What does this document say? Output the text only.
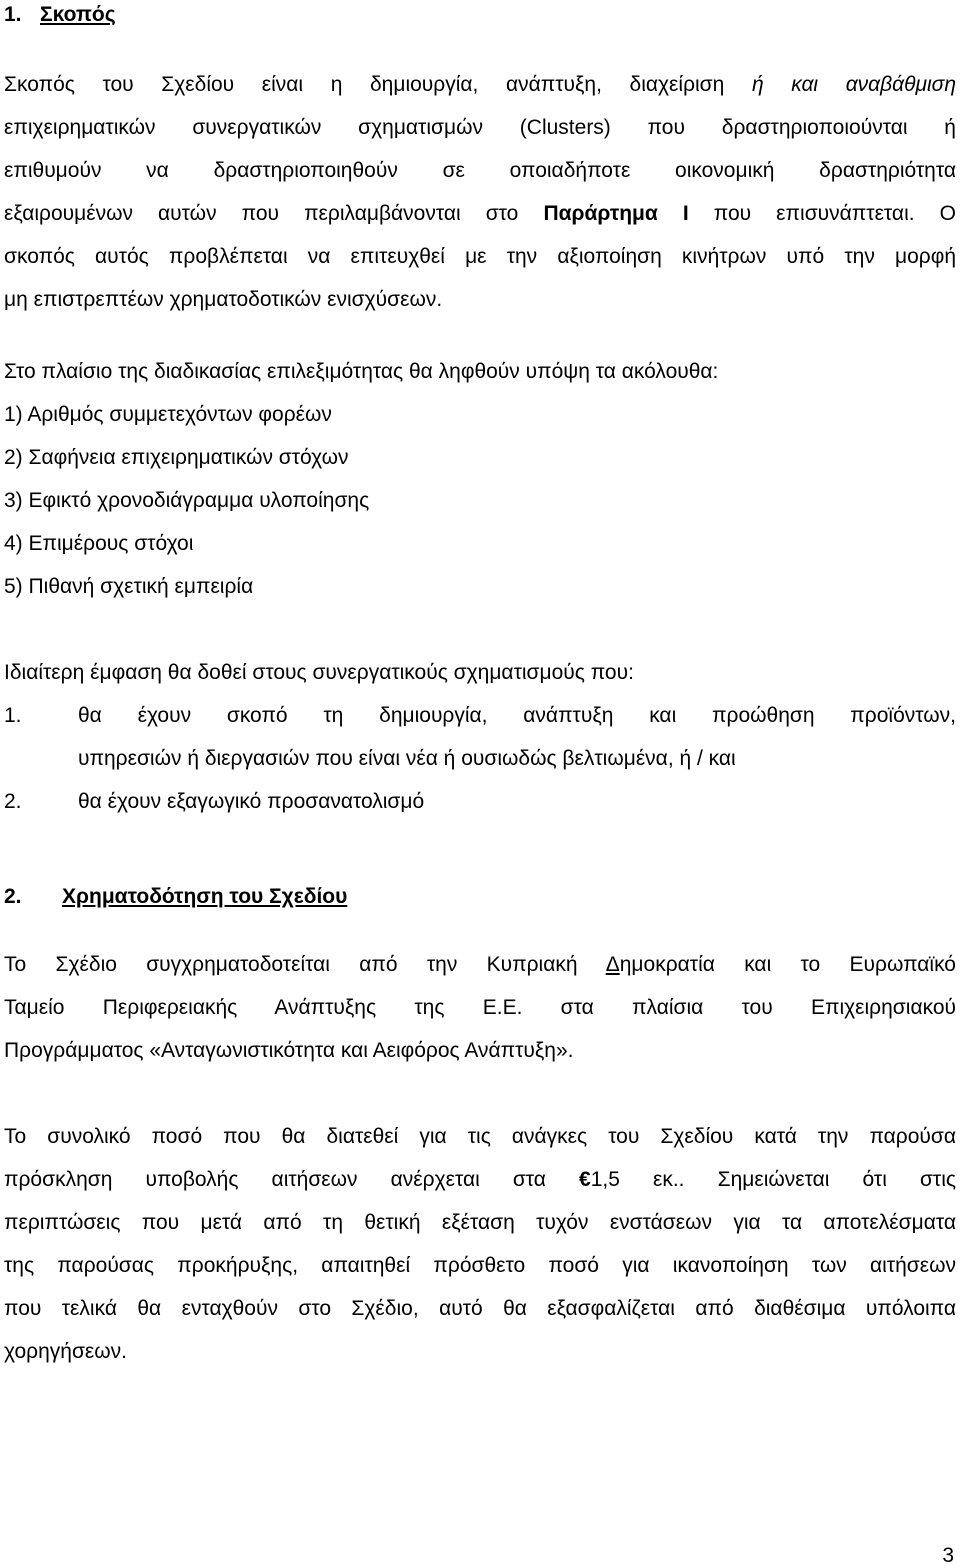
1. Σκοπός
Σκοπός του Σχεδίου είναι η δημιουργία, ανάπτυξη, διαχείριση ή και αναβάθμιση
επιχειρηματικών συνεργατικών σχηματισμών (Clusters) που δραστηριοποιούνται ή
επιθυμούν να δραστηριοποιηθούν σε οποιαδήποτε οικονομική δραστηριότητα
εξαιρουμένων αυτών που περιλαμβάνονται στο Παράρτημα Ι που επισυνάπτεται. Ο
σκοπός αυτός προβλέπεται να επιτευχθεί με την αξιοποίηση κινήτρων υπό την μορφή
μη επιστρεπτέων χρηματοδοτικών ενισχύσεων.
Στο πλαίσιο της διαδικασίας επιλεξιμότητας θα ληφθούν υπόψη τα ακόλουθα:
1) Αριθμός συμμετεχόντων φορέων
2) Σαφήνεια επιχειρηματικών στόχων
3) Εφικτό χρονοδιάγραμμα υλοποίησης
4) Επιμέρους στόχοι
5) Πιθανή σχετική εμπειρία
Ιδιαίτερη έμφαση θα δοθεί στους συνεργατικούς σχηματισμούς που:
1.	θα έχουν σκοπό τη δημιουργία, ανάπτυξη και προώθηση προϊόντων,
υπηρεσιών ή διεργασιών που είναι νέα ή ουσιωδώς βελτιωμένα, ή / και
2.	θα έχουν εξαγωγικό προσανατολισμό
2. Χρηματοδότηση του Σχεδίου
Το Σχέδιο συγχρηματοδοτείται από την Κυπριακή Δημοκρατία και το Ευρωπαϊκό
Ταμείο Περιφερειακής Ανάπτυξης της Ε.Ε. στα πλαίσια του Επιχειρησιακού
Προγράμματος «Ανταγωνιστικότητα και Αειφόρος Ανάπτυξη».
Το συνολικό ποσό που θα διατεθεί για τις ανάγκες του Σχεδίου κατά την παρούσα
πρόσκληση υποβολής αιτήσεων ανέρχεται στα €1,5 εκ.. Σημειώνεται ότι στις
περιπτώσεις που μετά από τη θετική εξέταση τυχόν ενστάσεων για τα αποτελέσματα
της παρούσας προκήρυξης, απαιτηθεί πρόσθετο ποσό για ικανοποίηση των αιτήσεων
που τελικά θα ενταχθούν στο Σχέδιο, αυτό θα εξασφαλίζεται από διαθέσιμα υπόλοιπα
χορηγήσεων.
3
